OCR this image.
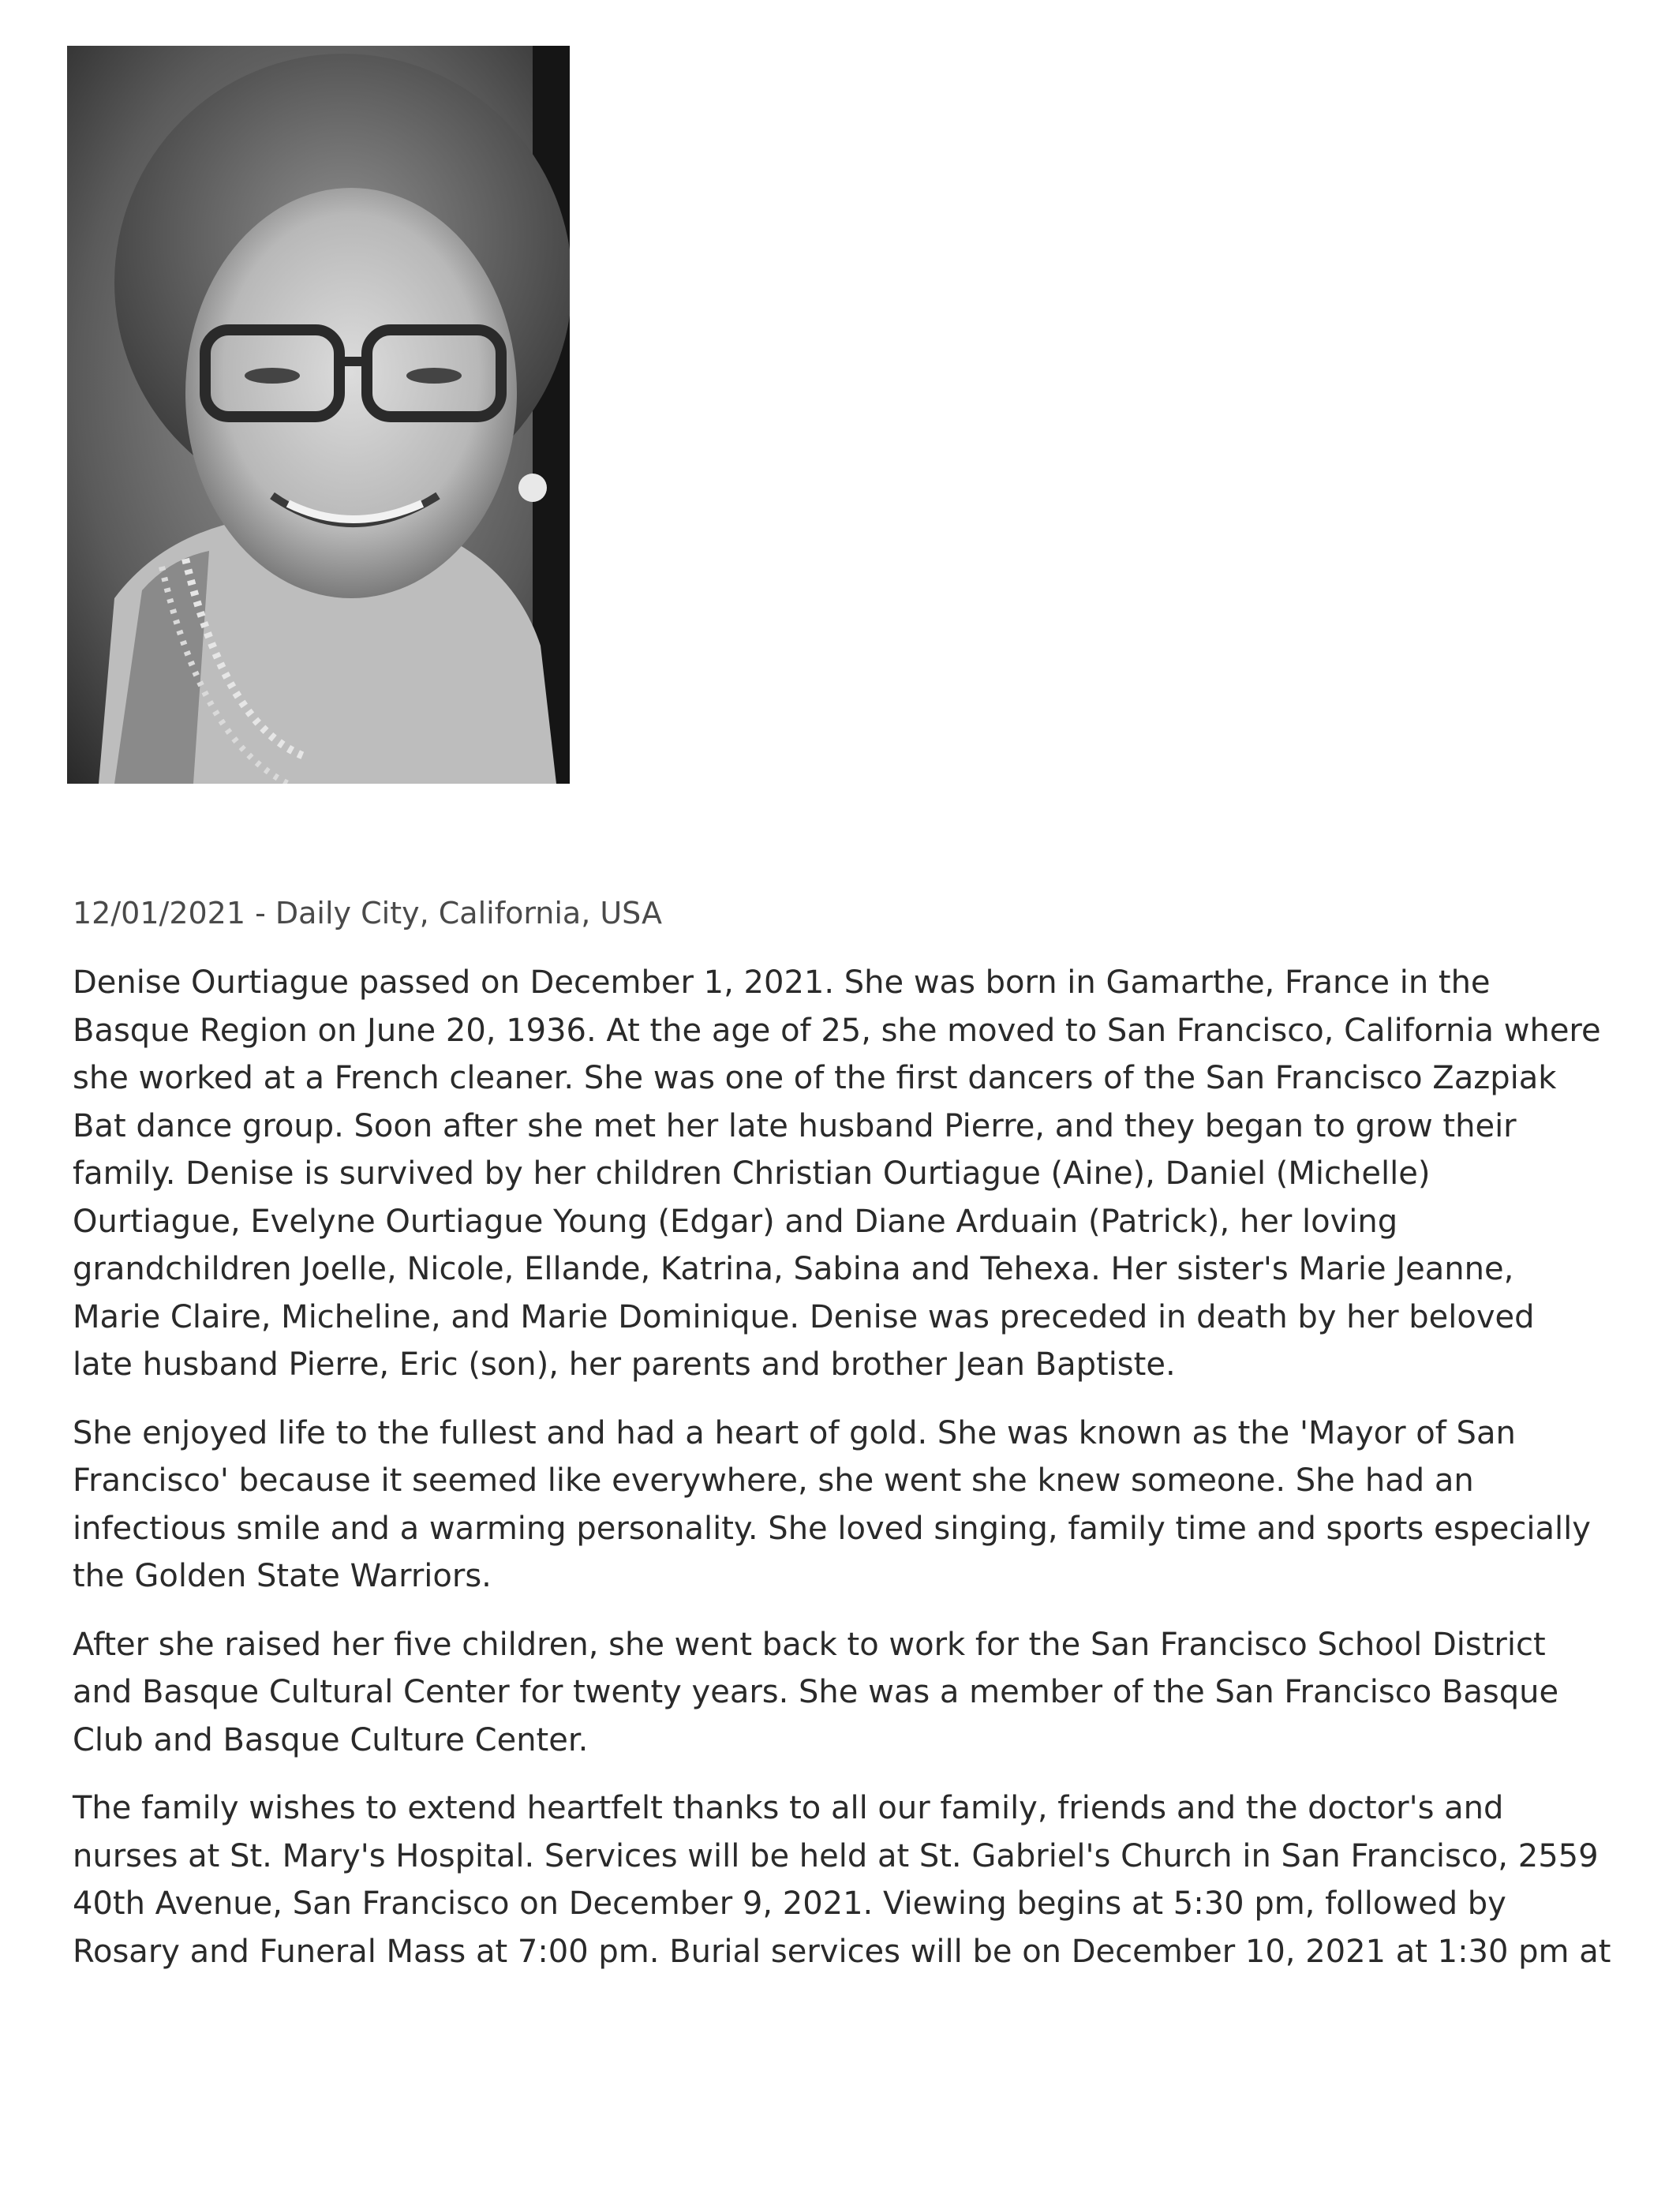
12/01/2021 - Daily City, California, USA

Denise Ourtiague passed on December 1, 2021. She was born in Gamarthe, France in the
Basque Region on June 20, 1936. At the age of 25, she moved to San Francisco, California where
she worked at a French cleaner. She was one of the first dancers of the San Francisco Zazpiak
Bat dance group. Soon after she met her late husband Pierre, and they began to grow their
family. Denise is survived by her children Christian Ourtiague (Aine), Daniel (Michelle)
Ourtiague, Evelyne Ourtiague Young (Edgar) and Diane Arduain (Patrick), her loving
grandchildren Joelle, Nicole, Ellande, Katrina, Sabina and Tehexa. Her sister's Marie Jeanne,
Marie Claire, Micheline, and Marie Dominique. Denise was preceded in death by her beloved
late husband Pierre, Eric (son), her parents and brother Jean Baptiste.

She enjoyed life to the fullest and had a heart of gold. She was known as the 'Mayor of San
Francisco' because it seemed like everywhere, she went she knew someone. She had an
infectious smile and a warming personality. She loved singing, family time and sports especially
the Golden State Warriors.

After she raised her five children, she went back to work for the San Francisco School District
and Basque Cultural Center for twenty years. She was a member of the San Francisco Basque
Club and Basque Culture Center.

The family wishes to extend heartfelt thanks to all our family, friends and the doctor's and
nurses at St. Mary's Hospital. Services will be held at St. Gabriel's Church in San Francisco, 2559
40th Avenue, San Francisco on December 9, 2021. Viewing begins at 5:30 pm, followed by
Rosary and Funeral Mass at 7:00 pm. Burial services will be on December 10, 2021 at 1:30 pm at
